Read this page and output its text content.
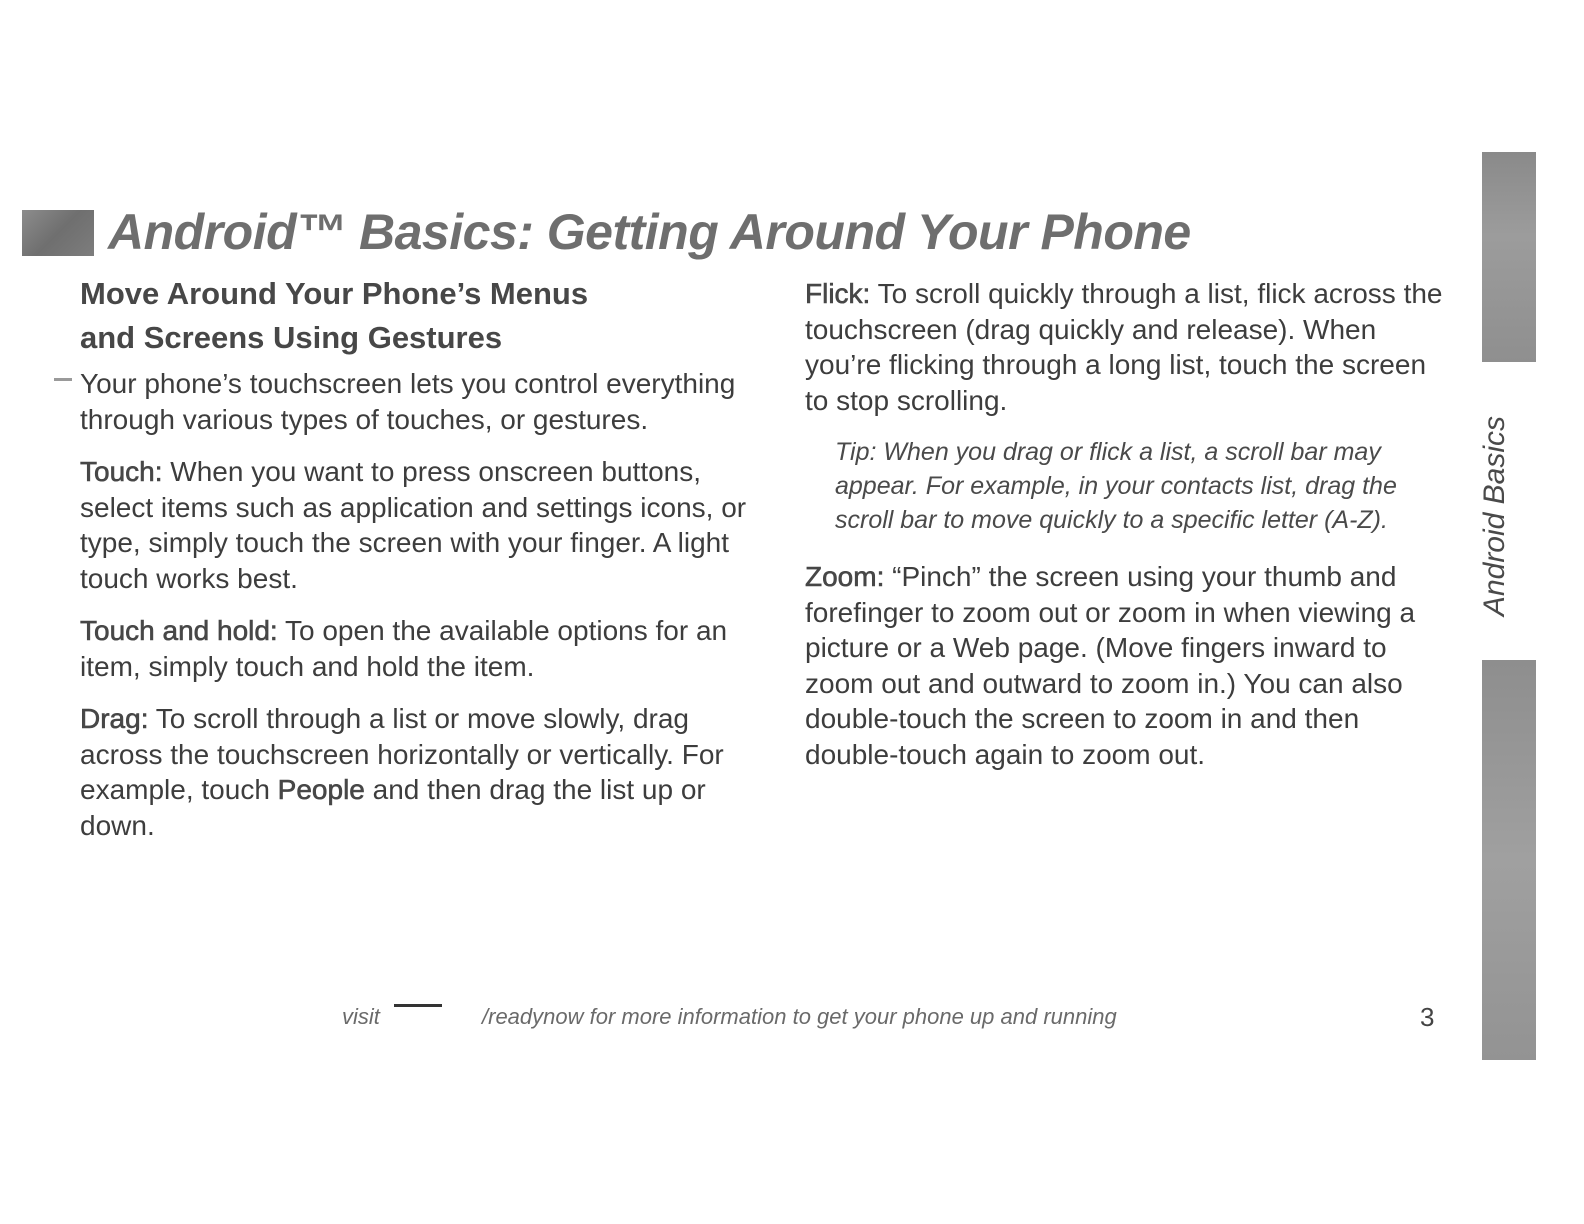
Android Basics
Android™ Basics: Getting Around Your Phone
Move Around Your Phone’s Menus
and Screens Using Gestures

Your phone’s touchscreen lets you control everything through various types of touches, or gestures.

Touch: When you want to press onscreen buttons, select items such as application and settings icons, or type, simply touch the screen with your finger. A light touch works best.

Touch and hold: To open the available options for an item, simply touch and hold the item.

Drag: To scroll through a list or move slowly, drag across the touchscreen horizontally or vertically. For example, touch People and then drag the list up or down.

Flick: To scroll quickly through a list, flick across the touchscreen (drag quickly and release). When you’re flicking through a long list, touch the screen to stop scrolling.

Tip: When you drag or flick a list, a scroll bar may appear. For example, in your contacts list, drag the scroll bar to move quickly to a specific letter (A-Z).

Zoom: “Pinch” the screen using your thumb and forefinger to zoom out or zoom in when viewing a picture or a Web page. (Move fingers inward to zoom out and outward to zoom in.) You can also double-touch the screen to zoom in and then double-touch again to zoom out.

visit	/readynow for more information to get your phone up and running	3
